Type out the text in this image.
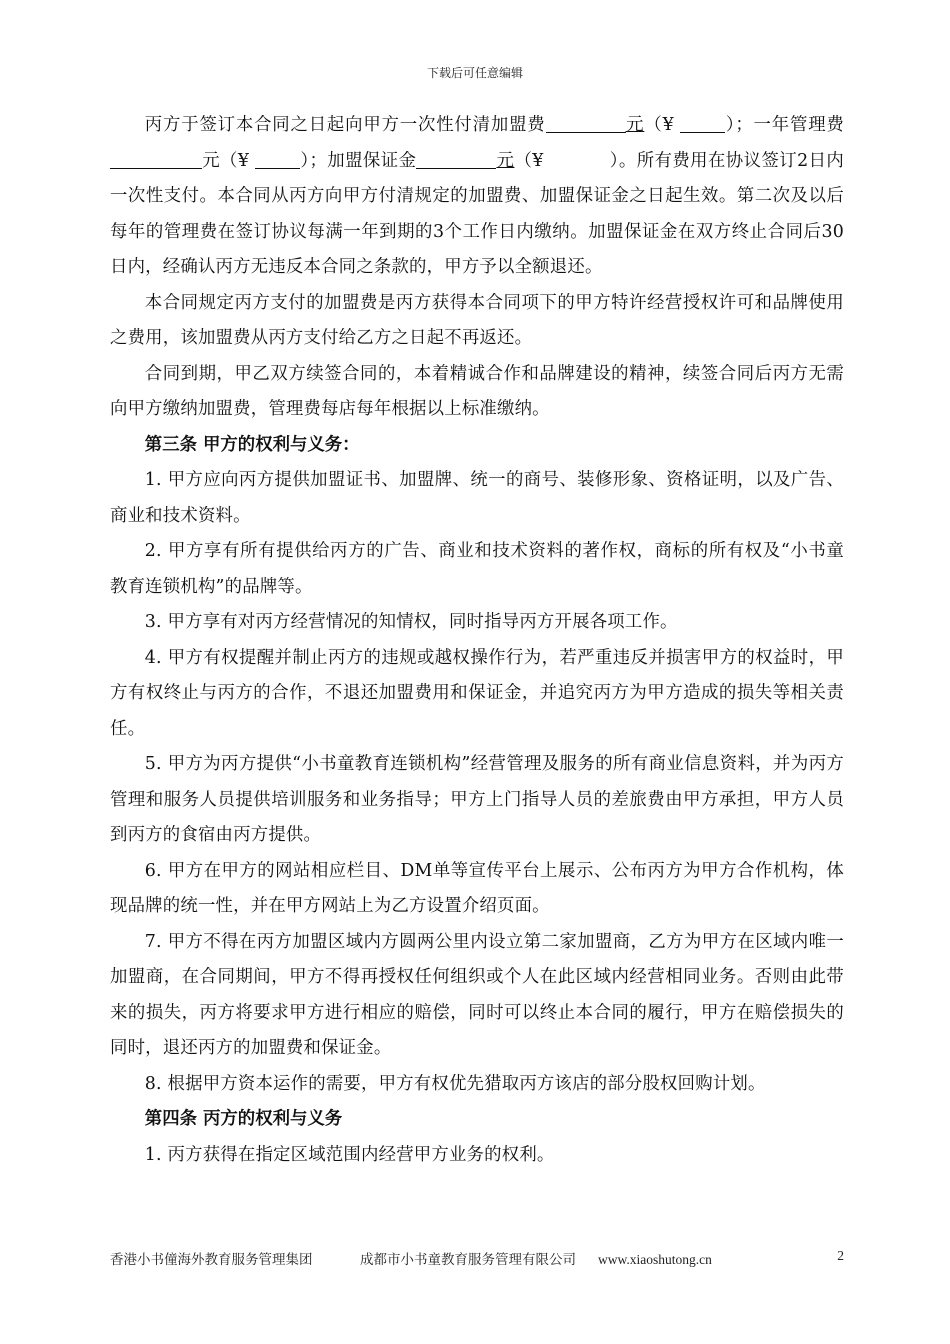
下载后可任意编辑

丙方于签订本合同之日起向甲方一次性付清加盟费	元（¥	）；一年管理费元（¥	）；加盟保证金	元（¥	）。所有费用在协议签订2日内一次性支付。本合同从丙方向甲方付清规定的加盟费、加盟保证金之日起生效。第二次及以后每年的管理费在签订协议每满一年到期的3个工作日内缴纳。加盟保证金在双方终止合同后30日内，经确认丙方无违反本合同之条款的，甲方予以全额退还。

本合同规定丙方支付的加盟费是丙方获得本合同项下的甲方特许经营授权许可和品牌使用之费用，该加盟费从丙方支付给乙方之日起不再返还。

合同到期，甲乙双方续签合同的，本着精诚合作和品牌建设的精神，续签合同后丙方无需向甲方缴纳加盟费，管理费每店每年根据以上标准缴纳。

第三条 甲方的权利与义务：

1. 甲方应向丙方提供加盟证书、加盟牌、统一的商号、装修形象、资格证明，以及广告、商业和技术资料。

2. 甲方享有所有提供给丙方的广告、商业和技术资料的著作权，商标的所有权及“小书童教育连锁机构”的品牌等。

3. 甲方享有对丙方经营情况的知情权，同时指导丙方开展各项工作。

4. 甲方有权提醒并制止丙方的违规或越权操作行为，若严重违反并损害甲方的权益时，甲方有权终止与丙方的合作，不退还加盟费用和保证金，并追究丙方为甲方造成的损失等相关责任。

5. 甲方为丙方提供“小书童教育连锁机构”经营管理及服务的所有商业信息资料，并为丙方管理和服务人员提供培训服务和业务指导；甲方上门指导人员的差旅费由甲方承担，甲方人员到丙方的食宿由丙方提供。

6. 甲方在甲方的网站相应栏目、DM单等宣传平台上展示、公布丙方为甲方合作机构，体现品牌的统一性，并在甲方网站上为乙方设置介绍页面。

7. 甲方不得在丙方加盟区域内方圆两公里内设立第二家加盟商，乙方为甲方在区域内唯一加盟商，在合同期间，甲方不得再授权任何组织或个人在此区域内经营相同业务。否则由此带来的损失，丙方将要求甲方进行相应的赔偿，同时可以终止本合同的履行，甲方在赔偿损失的同时，退还丙方的加盟费和保证金。

8. 根据甲方资本运作的需要，甲方有权优先猎取丙方该店的部分股权回购计划。

第四条 丙方的权利与义务

1. 丙方获得在指定区域范围内经营甲方业务的权利。

香港小书僮海外教育服务管理集团	成都市小书童教育服务管理有限公司 www.xiaoshutong.cn	2
